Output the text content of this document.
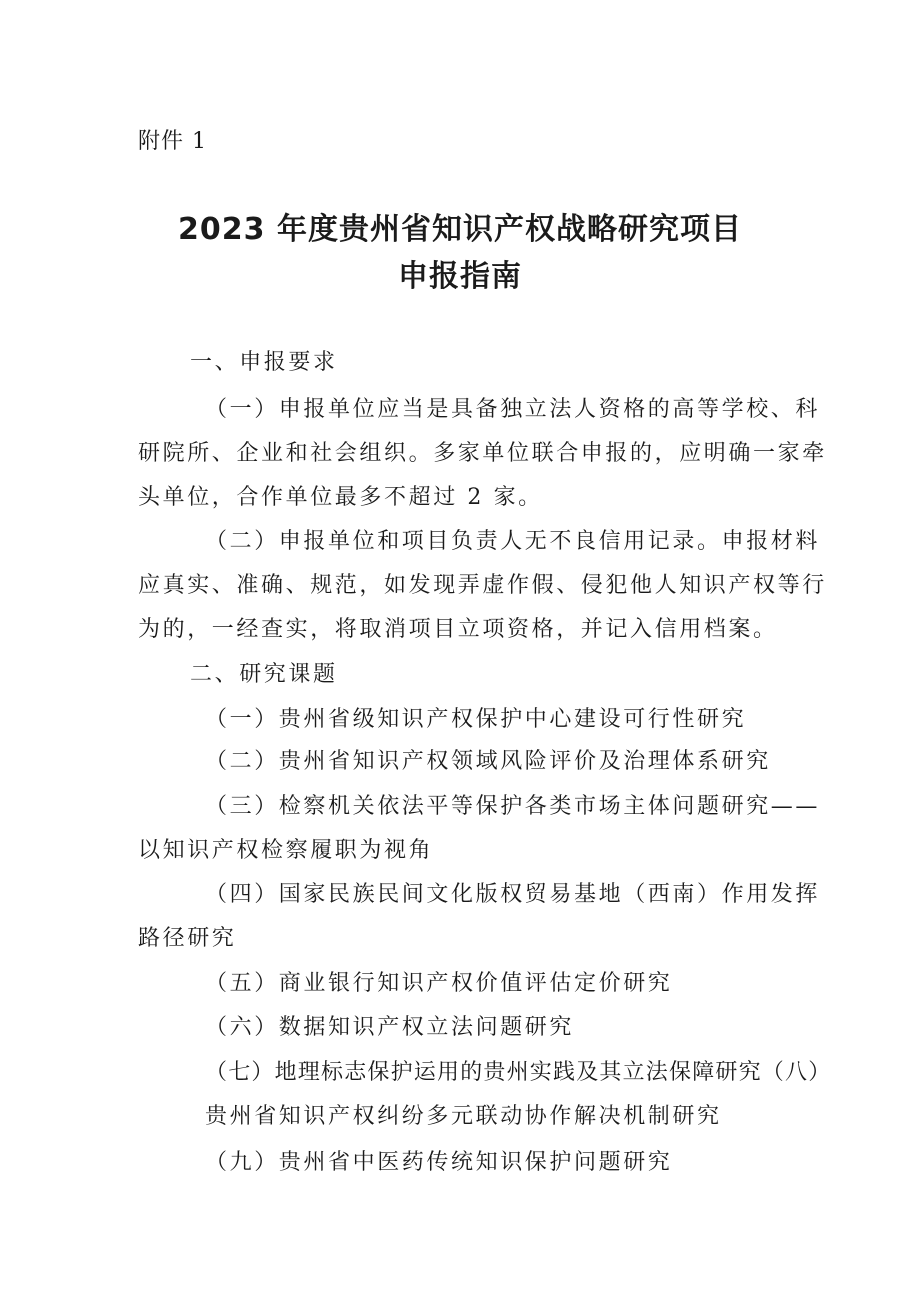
附件 1
2023 年度贵州省知识产权战略研究项目
申报指南
一、申报要求
（一）申报单位应当是具备独立法人资格的高等学校、科
研院所、企业和社会组织。多家单位联合申报的，应明确一家牵
头单位，合作单位最多不超过 2 家。
（二）申报单位和项目负责人无不良信用记录。申报材料
应真实、准确、规范，如发现弄虚作假、侵犯他人知识产权等行
为的，一经查实，将取消项目立项资格，并记入信用档案。
二、研究课题
（一）贵州省级知识产权保护中心建设可行性研究
（二）贵州省知识产权领域风险评价及治理体系研究
（三）检察机关依法平等保护各类市场主体问题研究——
以知识产权检察履职为视角
（四）国家民族民间文化版权贸易基地（西南）作用发挥
路径研究
（五）商业银行知识产权价值评估定价研究
（六）数据知识产权立法问题研究
（七）地理标志保护运用的贵州实践及其立法保障研究（八）
贵州省知识产权纠纷多元联动协作解决机制研究
（九）贵州省中医药传统知识保护问题研究
